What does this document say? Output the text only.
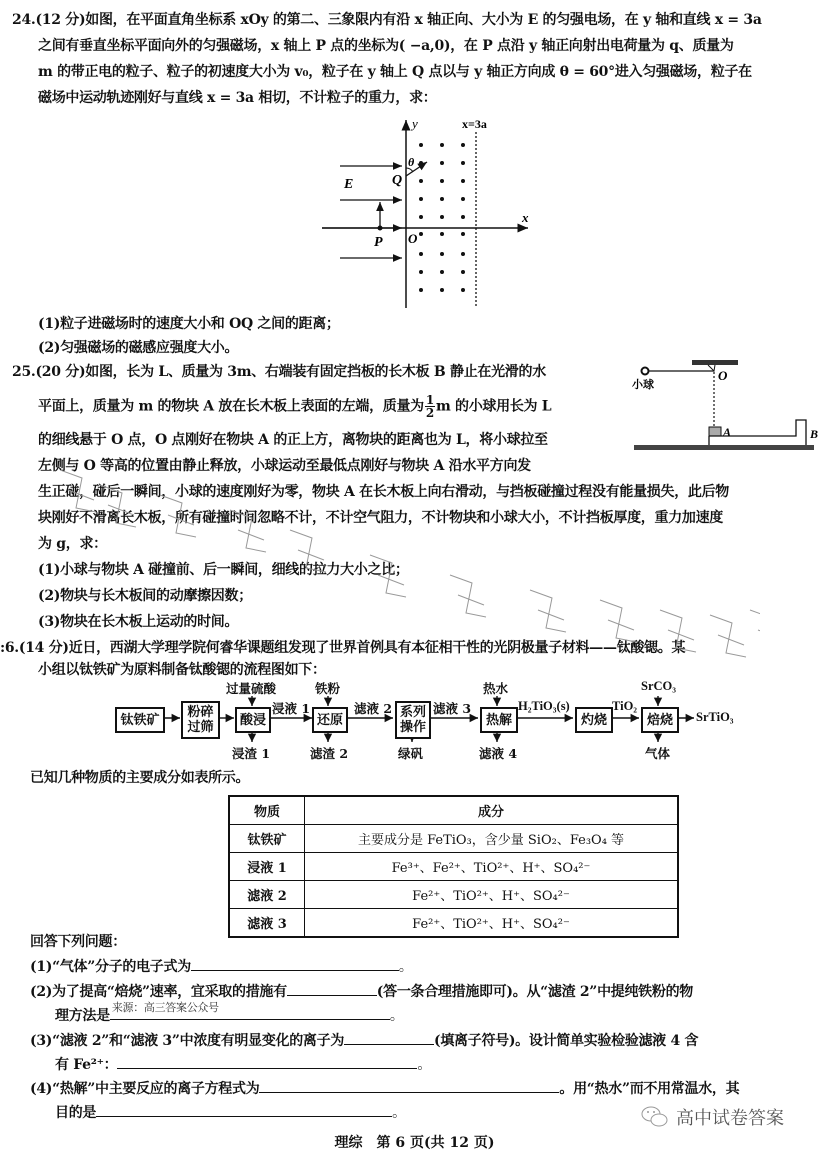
24.(12 分)如图，在平面直角坐标系 xOy 的第二、三象限内有沿 x 轴正向、大小为 E 的匀强电场，在 y 轴和直线 x = 3a
之间有垂直坐标平面向外的匀强磁场，x 轴上 P 点的坐标为( −a,0)，在 P 点沿 y 轴正向射出电荷量为 q、质量为
m 的带正电的粒子、粒子的初速度大小为 v₀，粒子在 y 轴上 Q 点以与 y 轴正方向成 θ = 60°进入匀强磁场，粒子在
磁场中运动轨迹刚好与直线 x = 3a 相切，不计粒子的重力，求：
y
x
x=3a
E
P O
Q
θ
(1)粒子进磁场时的速度大小和 OQ 之间的距离；
(2)匀强磁场的磁感应强度大小。
25.(20 分)如图，长为 L、质量为 3m、右端装有固定挡板的长木板 B 静止在光滑的水
平面上，质量为 m 的物块 A 放在长木板上表面的左端，质量为 $\frac{1}{2}$ m 的小球用长为 L
的细线悬于 O 点，O 点刚好在物块 A 的正上方，离物块的距离也为 L，将小球拉至
左侧与 O 等高的位置由静止释放，小球运动至最低点刚好与物块 A 沿水平方向发
生正碰，碰后一瞬间，小球的速度刚好为零，物块 A 在长木板上向右滑动，与挡板碰撞过程没有能量损失，此后物
块刚好不滑离长木板，所有碰撞时间忽略不计，不计空气阻力，不计物块和小球大小，不计挡板厚度，重力加速度
为 g，求：
O
小球
A	B
(1)小球与物块 A 碰撞前、后一瞬间，细线的拉力大小之比；
(2)物块与长木板间的动摩擦因数；
(3)物块在长木板上运动的时间。
:6.(14 分)近日，西湖大学理学院何睿华课题组发现了世界首例具有本征相干性的光阴极量子材料——钛酸锶。某
小组以钛铁矿为原料制备钛酸锶的流程图如下：
钛铁矿	粉碎
过筛	酸浸	还原	系列
操作	热解	灼烧	焙烧
过量硫酸	铁粉	热水	SrCO₃
浸渣 1	滤渣 2	绿矾	滤液 4	气体
浸液 1	滤液 2	滤液 3	H₂TiO₃(s)	TiO₂
SrTiO₃
已知几种物质的主要成分如表所示。
物质	成分
钛铁矿	主要成分是 FeTiO₃，含少量 SiO₂、Fe₃O₄ 等
浸液 1	Fe³⁺、Fe²⁺、TiO²⁺、H⁺、SO₄²⁻
滤液 2	Fe²⁺、TiO²⁺、H⁺、SO₄²⁻
滤液 3	Fe²⁺、TiO²⁺、H⁺、SO₄²⁻
回答下列问题：
(1)“气体”分子的电子式为	。
(2)为了提高“焙烧”速率，宜采取的措施有	(答一条合理措施即可)。从“滤渣 2”中提纯铁粉的物
理方法是
来源：高三答案公众号
。
(3)“滤液 2”和“滤液 3”中浓度有明显变化的离子为	(填离子符号)。设计简单实验检验滤液 4 含
有 Fe²⁺：	。
(4)“热解”中主要反应的离子方程式为	。用“热水”而不用常温水，其
目的是	。	高中试卷答案
理综　第 6 页(共 12 页)
